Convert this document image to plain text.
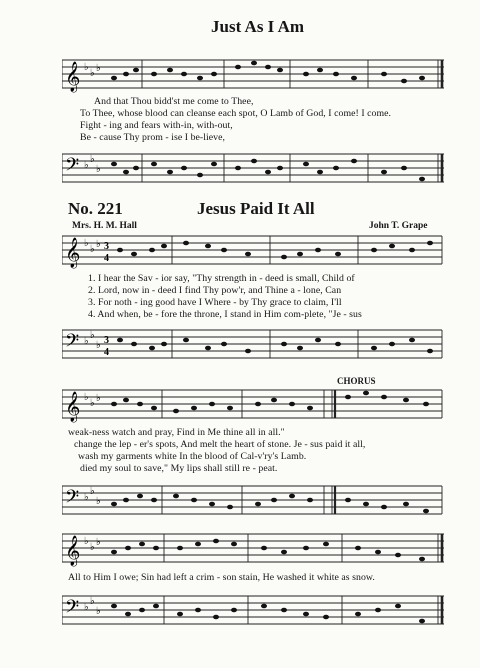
Just As I Am
𝄞 ♭
♭ ♭
And that Thou bidd'st me come to Thee,
To Thee, whose blood can cleanse each spot, O Lamb of God, I come! I come.
Fight - ing and fears with-in, with-out,
Be - cause Thy prom - ise I be-lieve,
𝄢 ♭
♭
♭
No. 221	Jesus Paid It All
Mrs. H. M. Hall	John T. Grape
𝄞 ♭
♭ ♭ 3
4
1. I hear the Sav - ior say, "Thy strength in - deed is small, Child of
2. Lord, now in - deed I find Thy pow'r, and Thine a - lone, Can
3. For noth - ing good have I Where - by Thy grace to claim, I'll
4. And when, be - fore the throne, I stand in Him com-plete, "Je - sus
𝄢 ♭
♭
♭ 3
4
CHORUS
𝄞 ♭
♭ ♭
weak-ness watch and pray, Find in Me thine all in all."
change the lep - er's spots, And melt the heart of stone. Je - sus paid it all,
wash my garments white In the blood of Cal-v'ry's Lamb.
died my soul to save," My lips shall still re - peat.
𝄢 ♭
♭
♭
𝄞 ♭
♭ ♭
All to Him I owe; Sin had left a crim - son stain, He washed it white as snow.
𝄢 ♭
♭
♭
